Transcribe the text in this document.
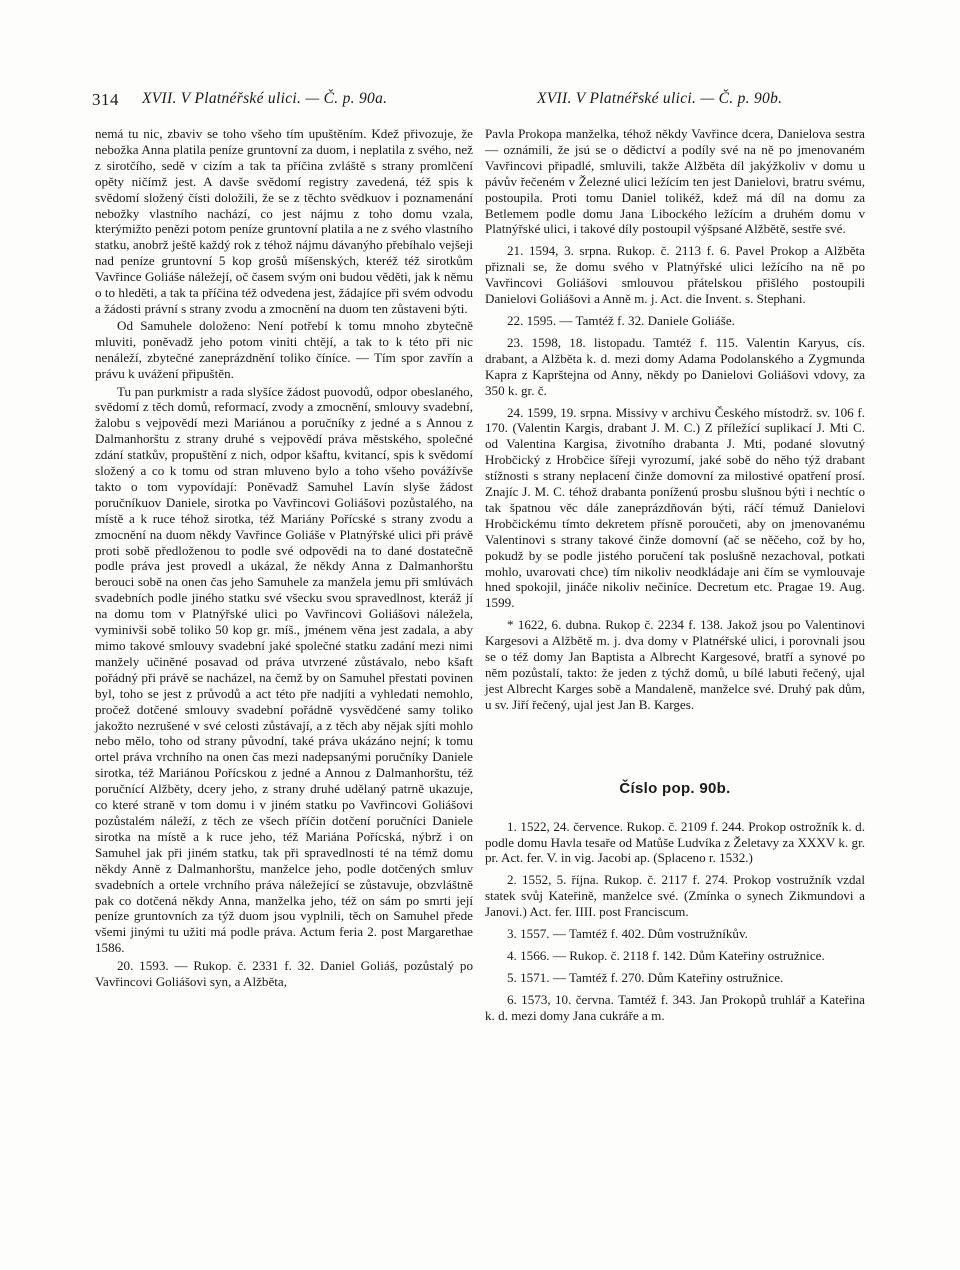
314 XVII. V Platnéřské ulici. — Č. p. 90a.	XVII. V Platnéřské ulici. — Č. p. 90b.

nemá tu nic, zbaviv se toho všeho tím upuštěním. Kdež přivozuje, že nebožka Anna platila peníze gruntovní za duom, i neplatila z svého, než z sirotčího, sedě v cizím a tak ta příčina zvláště s strany promlčení opěty ničímž jest. A davše svědomí registry zavedená, též spis k svědomí složený čísti doložili, že se z těchto svědkuov i poznamenání nebožky vlastního nachází, co jest nájmu z toho domu vzala, kterýmižto penězi potom peníze gruntovní platila a ne z svého vlastního statku, anobrž ještě každý rok z téhož nájmu dávanýho přebíhalo vejšeji nad peníze gruntovní 5 kop grošů míšenských, kteréž též sirotkům Vavřince Goliáše náležejí, oč časem svým oni budou věděti, jak k němu o to hleděti, a tak ta příčina též odvedena jest, žádajíce při svém odvodu a žádosti právní s strany zvodu a zmocnění na duom ten zůstaveni býti.

Od Samuhele doloženo: Není potřebí k tomu mnoho zbytečně mluviti, poněvadž jeho potom viniti chtějí, a tak to k této při nic nenáleží, zbytečné zaneprázdnění toliko číníce. — Tím spor zavřín a právu k uvážení připuštěn.

Tu pan purkmistr a rada slyšíce žádost puovodů, odpor obeslaného, svědomí z těch domů, reformací, zvody a zmocnění, smlouvy svadební, žalobu s vejpovědí mezi Mariánou a poručníky z jedné a s Annou z Dalmanhorštu z strany druhé s vejpovědí práva městského, společné zdání statkův, propuštění z nich, odpor kšaftu, kvitancí, spis k svědomí složený a co k tomu od stran mluveno bylo a toho všeho povážívše takto o tom vypovídají: Poněvadž Samuhel Lavín slyše žádost poručníkuov Daniele, sirotka po Vavřincovi Goliášovi pozůstalého, na místě a k ruce téhož sirotka, též Mariány Pořícské s strany zvodu a zmocnění na duom někdy Vavřince Goliáše v Platnýřské ulici při právě proti sobě předloženou to podle své odpovědi na to dané dostatečně podle práva jest provedl a ukázal, že někdy Anna z Dalmanhorštu berouci sobě na onen čas jeho Samuhele za manžela jemu při smlúvách svadebních podle jiného statku své všecku svou spravedlnost, kteráž jí na domu tom v Platnýřské ulici po Vavřincovi Goliášovi náležela, vyminivši sobě toliko 50 kop gr. míš., jménem věna jest zadala, a aby mimo takové smlouvy svadební jaké společné statku zadání mezi nimi manžely učiněné posavad od práva utvrzené zůstávalo, nebo kšaft pořádný při právě se nacházel, na čemž by on Samuhel přestati povinen byl, toho se jest z průvodů a act této pře nadjíti a vyhledati nemohlo, pročež dotčené smlouvy svadební pořádně vysvědčené samy toliko jakožto nezrušené v své celosti zůstávají, a z těch aby nějak sjíti mohlo nebo mělo, toho od strany původní, také práva ukázáno nejní; k tomu ortel práva vrchního na onen čas mezi nadepsanými poručníky Daniele sirotka, též Mariánou Pořícskou z jedné a Annou z Dalmanhorštu, též poručnící Alžběty, dcery jeho, z strany druhé udělaný patrně ukazuje, co které straně v tom domu i v jiném statku po Vavřincovi Goliášovi pozůstalém náleží, z těch ze všech příčin dotčení poručníci Daniele sirotka na místě a k ruce jeho, též Mariána Pořícská, nýbrž i on Samuhel jak při jiném statku, tak při spravedlnosti té na témž domu někdy Anně z Dalmanhorštu, manželce jeho, podle dotčených smluv svadebních a ortele vrchního práva náležející se zůstavuje, obzvláštně pak co dotčená někdy Anna, manželka jeho, též on sám po smrti její peníze gruntovních za týž duom jsou vyplnili, těch on Samuhel přede všemi jinými tu užiti má podle práva. Actum feria 2. post Margarethae 1586.

20. 1593. — Rukop. č. 2331 f. 32. Daniel Goliáš, pozůstalý po Vavřincovi Goliášovi syn, a Alžběta,

Pavla Prokopa manželka, téhož někdy Vavřince dcera, Danielova sestra — oznámili, že jsú se o dědictví a podíly své na ně po jmenovaném Vavřincovi připadlé, smluvili, takže Alžběta díl jakýžkoliv v domu u pávův řečeném v Železné ulici ležícím ten jest Danielovi, bratru svému, postoupila. Proti tomu Daniel tolikéž, kdež má díl na domu za Betlemem podle domu Jana Libockého ležícím a druhém domu v Platnýřské ulici, i takové díly postoupil výšpsané Alžbětě, sestře své.

21. 1594, 3. srpna. Rukop. č. 2113 f. 6. Pavel Prokop a Alžběta přiznali se, že domu svého v Platnýřské ulici ležícího na ně po Vavřincovi Goliášovi smlouvou přátelskou přišlého postoupili Danielovi Goliášovi a Anně m. j. Act. die Invent. s. Stephani.

22. 1595. — Tamtéž f. 32. Daniele Goliáše.

23. 1598, 18. listopadu. Tamtéž f. 115. Valentin Karyus, cís. drabant, a Alžběta k. d. mezi domy Adama Podolanského a Zygmunda Kapra z Kaprštejna od Anny, někdy po Danielovi Goliášovi vdovy, za 350 k. gr. č.

24. 1599, 19. srpna. Missivy v archivu Českého místodrž. sv. 106 f. 170. (Valentin Kargis, drabant J. M. C.) Z příležící suplikací J. Mti C. od Valentina Kargisa, životního drabanta J. Mti, podané slovutný Hrobčický z Hrobčice šířeji vyrozumí, jaké sobě do něho týž drabant stížnosti s strany neplacení činže domovní za milostivé opatření prosí. Znajíc J. M. C. téhož drabanta poníženú prosbu slušnou býti i nechtíc o tak špatnou věc dále zaneprázdňován býti, ráčí témuž Danielovi Hrobčickému tímto dekretem přísně poroučeti, aby on jmenovanému Valentinovi s strany takové činže domovní (ač se něčeho, což by ho, pokudž by se podle jistého poručení tak poslušně nezachoval, potkati mohlo, uvarovati chce) tím nikoliv neodkládaje ani čím se vymlouvaje hned spokojil, jináče nikoliv nečiníce. Decretum etc. Pragae 19. Aug. 1599.

* 1622, 6. dubna. Rukop č. 2234 f. 138. Jakož jsou po Valentinovi Kargesovi a Alžbětě m. j. dva domy v Platnéřské ulici, i porovnali jsou se o též domy Jan Baptista a Albrecht Kargesové, bratří a synové po něm pozůstalí, takto: že jeden z týchž domů, u bílé labuti řečený, ujal jest Albrecht Karges sobě a Mandaleně, manželce své. Druhý pak dům, u sv. Jiří řečený, ujal jest Jan B. Karges.

Číslo pop. 90b.

1. 1522, 24. července. Rukop. č. 2109 f. 244. Prokop ostrožník k. d. podle domu Havla tesaře od Matůše Ludvíka z Želetavy za XXXV k. gr. pr. Act. fer. V. in vig. Jacobi ap. (Splaceno r. 1532.)

2. 1552, 5. října. Rukop. č. 2117 f. 274. Prokop vostružník vzdal statek svůj Kateřině, manželce své. (Zmínka o synech Zikmundovi a Janovi.) Act. fer. IIII. post Franciscum.

3. 1557. — Tamtéž f. 402. Dům vostružníkův.

4. 1566. — Rukop. č. 2118 f. 142. Dům Kateřiny ostružnice.

5. 1571. — Tamtéž f. 270. Dům Kateřiny ostružnice.

6. 1573, 10. června. Tamtéž f. 343. Jan Prokopů truhlář a Kateřina k. d. mezi domy Jana cukráře a m.
